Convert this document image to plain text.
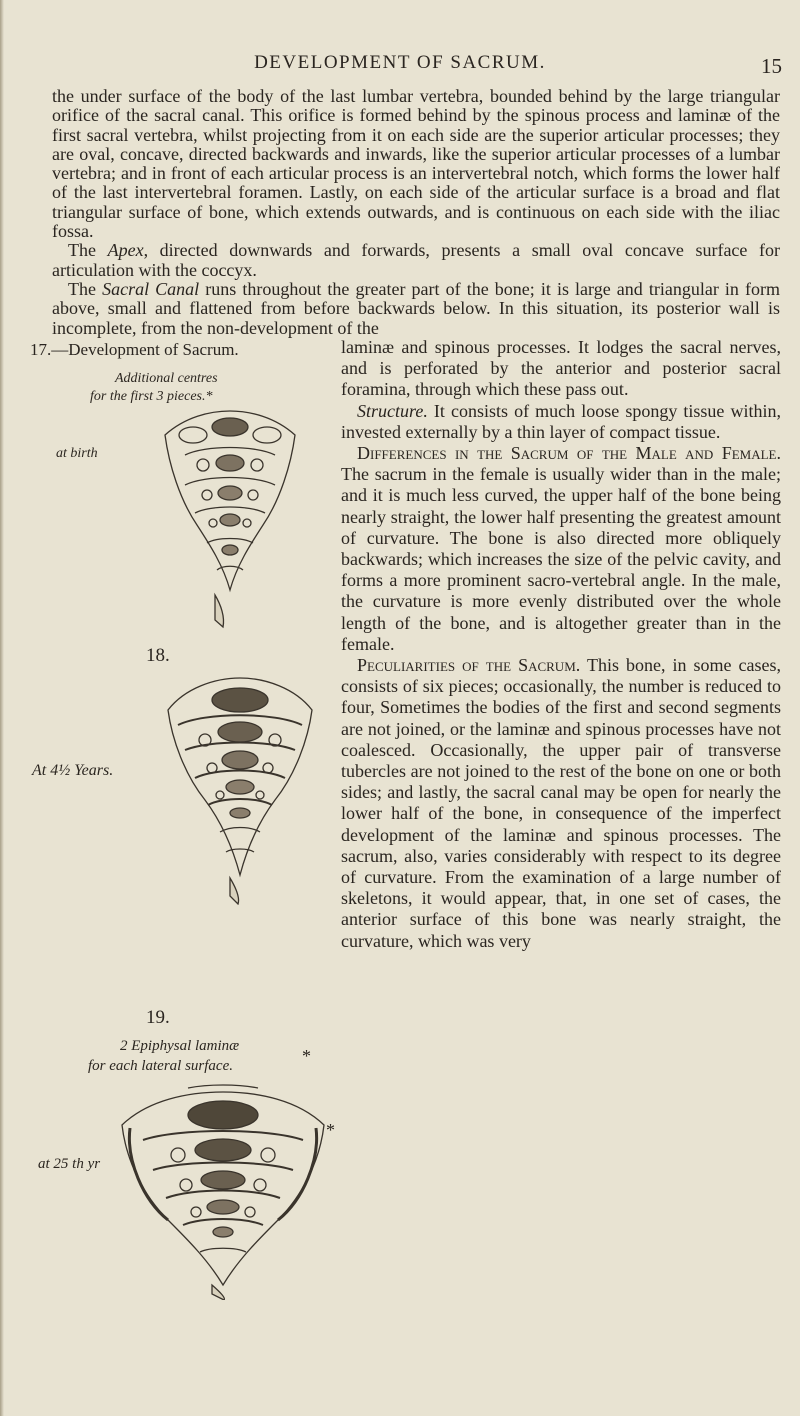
DEVELOPMENT OF SACRUM.	15

the under surface of the body of the last lumbar vertebra, bounded behind by the large triangular orifice of the sacral canal. This orifice is formed behind by the spinous process and laminæ of the first sacral vertebra, whilst projecting from it on each side are the superior articular processes; they are oval, concave, directed backwards and inwards, like the superior articular processes of a lumbar vertebra; and in front of each articular process is an intervertebral notch, which forms the lower half of the last intervertebral foramen. Lastly, on each side of the articular surface is a broad and flat triangular surface of bone, which extends outwards, and is continuous on each side with the iliac fossa.

The Apex, directed downwards and forwards, presents a small oval concave surface for articulation with the coccyx.

The Sacral Canal runs throughout the greater part of the bone; it is large and triangular in form above, small and flattened from before backwards below. In this situation, its posterior wall is incomplete, from the non-development of the

laminæ and spinous processes. It lodges the sacral nerves, and is perforated by the anterior and posterior sacral foramina, through which these pass out.

Structure. It consists of much loose spongy tissue within, invested externally by a thin layer of compact tissue.

Differences in the Sacrum of the Male and Female. The sacrum in the female is usually wider than in the male; and it is much less curved, the upper half of the bone being nearly straight, the lower half presenting the greatest amount of curvature. The bone is also directed more obliquely backwards; which increases the size of the pelvic cavity, and forms a more prominent sacro-vertebral angle. In the male, the curvature is more evenly distributed over the whole length of the bone, and is altogether greater than in the female.

Peculiarities of the Sacrum. This bone, in some cases, consists of six pieces; occasionally, the number is reduced to four, Sometimes the bodies of the first and second segments are not joined, or the laminæ and spinous processes have not coalesced. Occasionally, the upper pair of transverse tubercles are not joined to the rest of the bone on one or both sides; and lastly, the sacral canal may be open for nearly the lower half of the bone, in consequence of the imperfect development of the laminæ and spinous processes. The sacrum, also, varies considerably with respect to its degree of curvature. From the examination of a large number of skeletons, it would appear, that, in one set of cases, the anterior surface of this bone was nearly straight, the curvature, which was very

17.—Development of Sacrum.
Additional centres
for the first 3 pieces.*
at birth
18.
At 4½ Years.
19.
2 Epiphysal laminæ
for each lateral surface.
at 25 th yr
*
*
